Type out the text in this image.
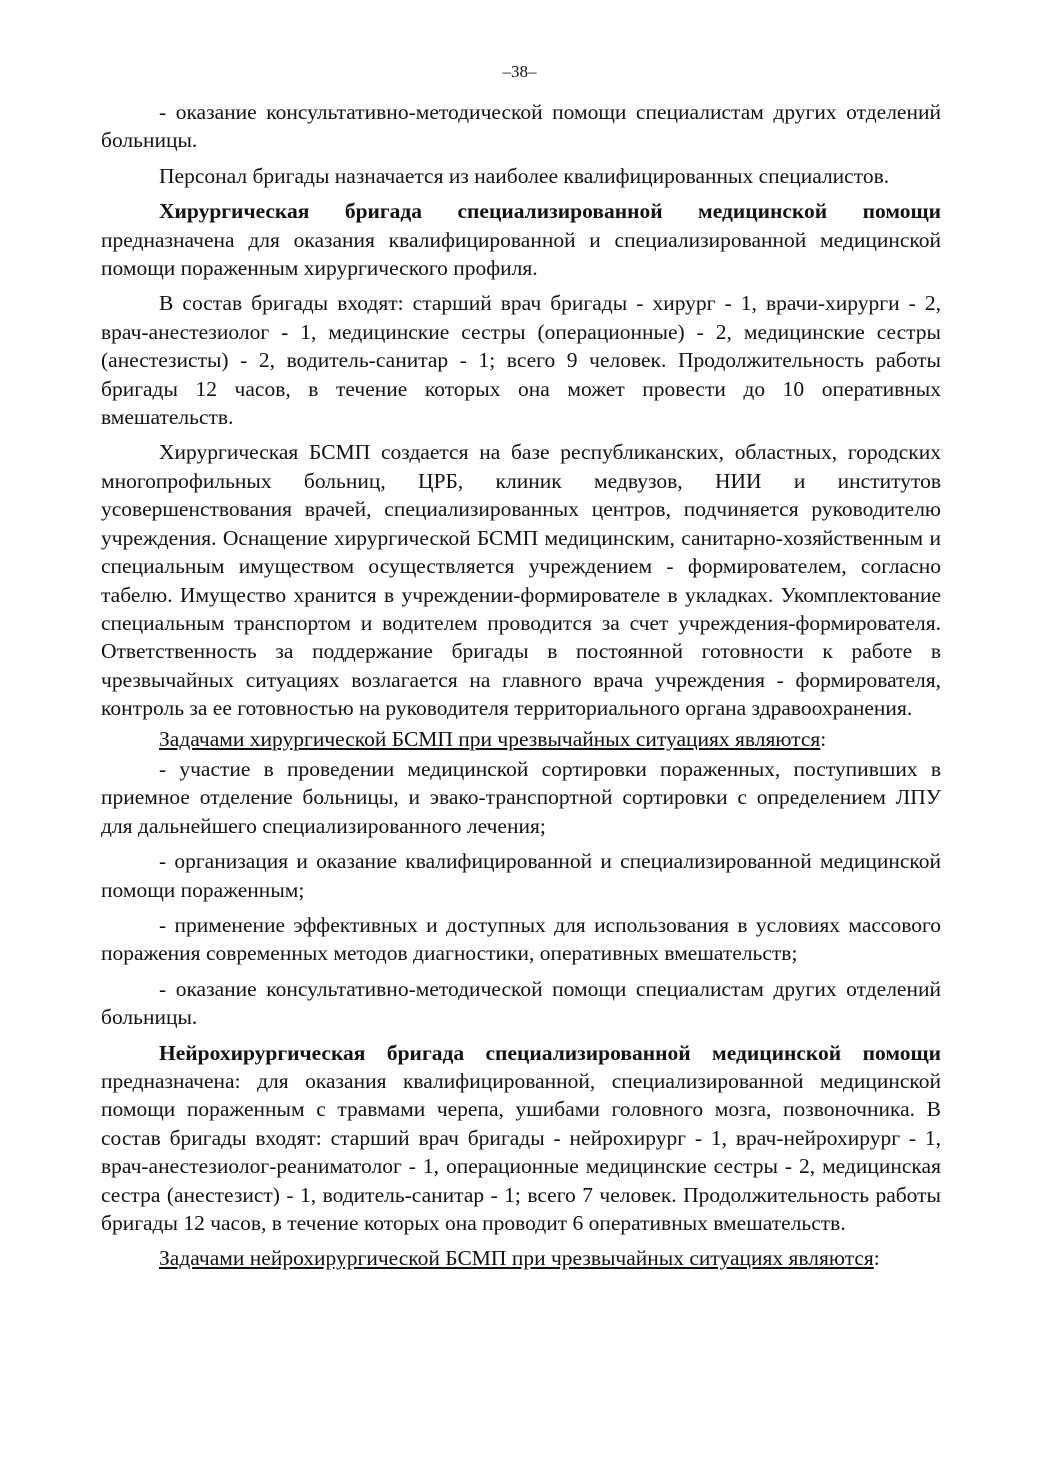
–38–

- оказание консультативно-методической помощи специалистам других отделений больницы.

Персонал бригады назначается из наиболее квалифицированных специалистов.

Хирургическая бригада специализированной медицинской помощи предназначена для оказания квалифицированной и специализированной медицинской помощи пораженным хирургического профиля.

В состав бригады входят: старший врач бригады - хирург - 1, врачи-хирурги - 2, врач-анестезиолог - 1, медицинские сестры (операционные) - 2, медицинские сестры (анестезисты) - 2, водитель-санитар - 1; всего 9 человек. Продолжительность работы бригады 12 часов, в течение которых она может провести до 10 оперативных вмешательств.

Хирургическая БСМП создается на базе республиканских, областных, городских многопрофильных больниц, ЦРБ, клиник медвузов, НИИ и институтов усовершенствования врачей, специализированных центров, подчиняется руководителю учреждения. Оснащение хирургической БСМП медицинским, санитарно-хозяйственным и специальным имуществом осуществляется учреждением - формирователем, согласно табелю. Имущество хранится в учреждении-формирователе в укладках. Укомплектование специальным транспортом и водителем проводится за счет учреждения-формирователя. Ответственность за поддержание бригады в постоянной готовности к работе в чрезвычайных ситуациях возлагается на главного врача учреждения - формирователя, контроль за ее готовностью на руководителя территориального органа здравоохранения.

Задачами хирургической БСМП при чрезвычайных ситуациях являются:

- участие в проведении медицинской сортировки пораженных, поступивших в приемное отделение больницы, и эвако-транспортной сортировки с определением ЛПУ для дальнейшего специализированного лечения;

- организация и оказание квалифицированной и специализированной медицинской помощи пораженным;

- применение эффективных и доступных для использования в условиях массового поражения современных методов диагностики, оперативных вмешательств;

- оказание консультативно-методической помощи специалистам других отделений больницы.

Нейрохирургическая бригада специализированной медицинской помощи предназначена: для оказания квалифицированной, специализированной медицинской помощи пораженным с травмами черепа, ушибами головного мозга, позвоночника. В состав бригады входят: старший врач бригады - нейрохирург - 1, врач-нейрохирург - 1, врач-анестезиолог-реаниматолог - 1, операционные медицинские сестры - 2, медицинская сестра (анестезист) - 1, водитель-санитар - 1; всего 7 человек. Продолжительность работы бригады 12 часов, в течение которых она проводит 6 оперативных вмешательств.

Задачами нейрохирургической БСМП при чрезвычайных ситуациях являются:
